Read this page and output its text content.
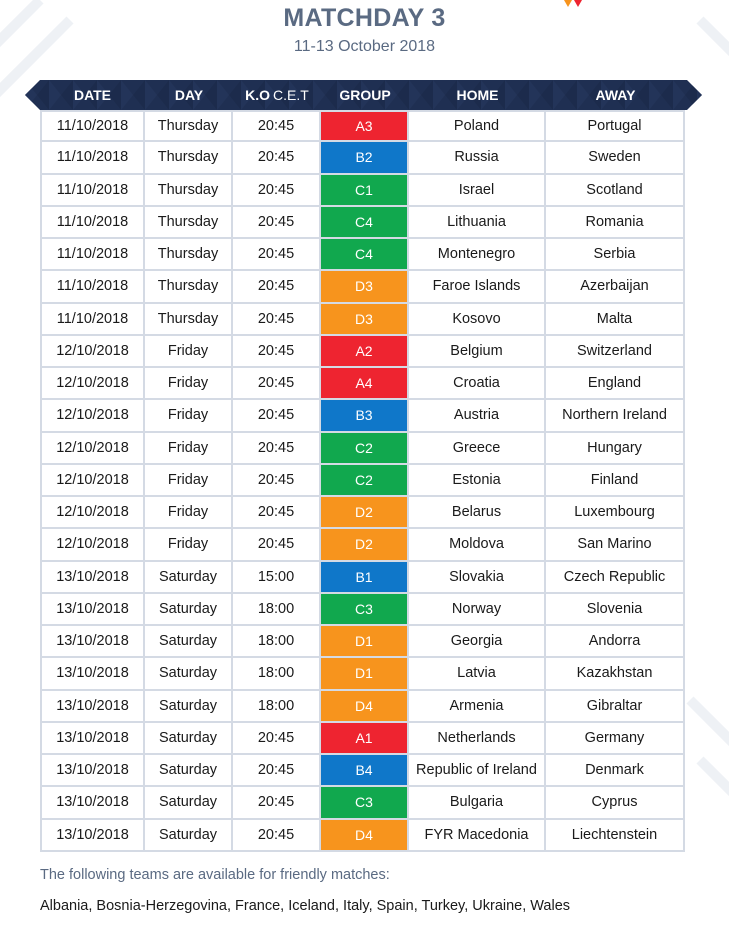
MATCHDAY 3
11-13 October 2018
DATE	DAY	K.O C.E.T	GROUP	HOME	AWAY
11/10/2018	Thursday	20:45	A3	Poland	Portugal
11/10/2018	Thursday	20:45	B2	Russia	Sweden
11/10/2018	Thursday	20:45	C1	Israel	Scotland
11/10/2018	Thursday	20:45	C4	Lithuania	Romania
11/10/2018	Thursday	20:45	C4	Montenegro	Serbia
11/10/2018	Thursday	20:45	D3	Faroe Islands	Azerbaijan
11/10/2018	Thursday	20:45	D3	Kosovo	Malta
12/10/2018	Friday	20:45	A2	Belgium	Switzerland
12/10/2018	Friday	20:45	A4	Croatia	England
12/10/2018	Friday	20:45	B3	Austria	Northern Ireland
12/10/2018	Friday	20:45	C2	Greece	Hungary
12/10/2018	Friday	20:45	C2	Estonia	Finland
12/10/2018	Friday	20:45	D2	Belarus	Luxembourg
12/10/2018	Friday	20:45	D2	Moldova	San Marino
13/10/2018	Saturday	15:00	B1	Slovakia	Czech Republic
13/10/2018	Saturday	18:00	C3	Norway	Slovenia
13/10/2018	Saturday	18:00	D1	Georgia	Andorra
13/10/2018	Saturday	18:00	D1	Latvia	Kazakhstan
13/10/2018	Saturday	18:00	D4	Armenia	Gibraltar
13/10/2018	Saturday	20:45	A1	Netherlands	Germany
13/10/2018	Saturday	20:45	B4	Republic of Ireland	Denmark
13/10/2018	Saturday	20:45	C3	Bulgaria	Cyprus
13/10/2018	Saturday	20:45	D4	FYR Macedonia	Liechtenstein
The following teams are available for friendly matches:
Albania, Bosnia-Herzegovina, France, Iceland, Italy, Spain, Turkey, Ukraine, Wales
